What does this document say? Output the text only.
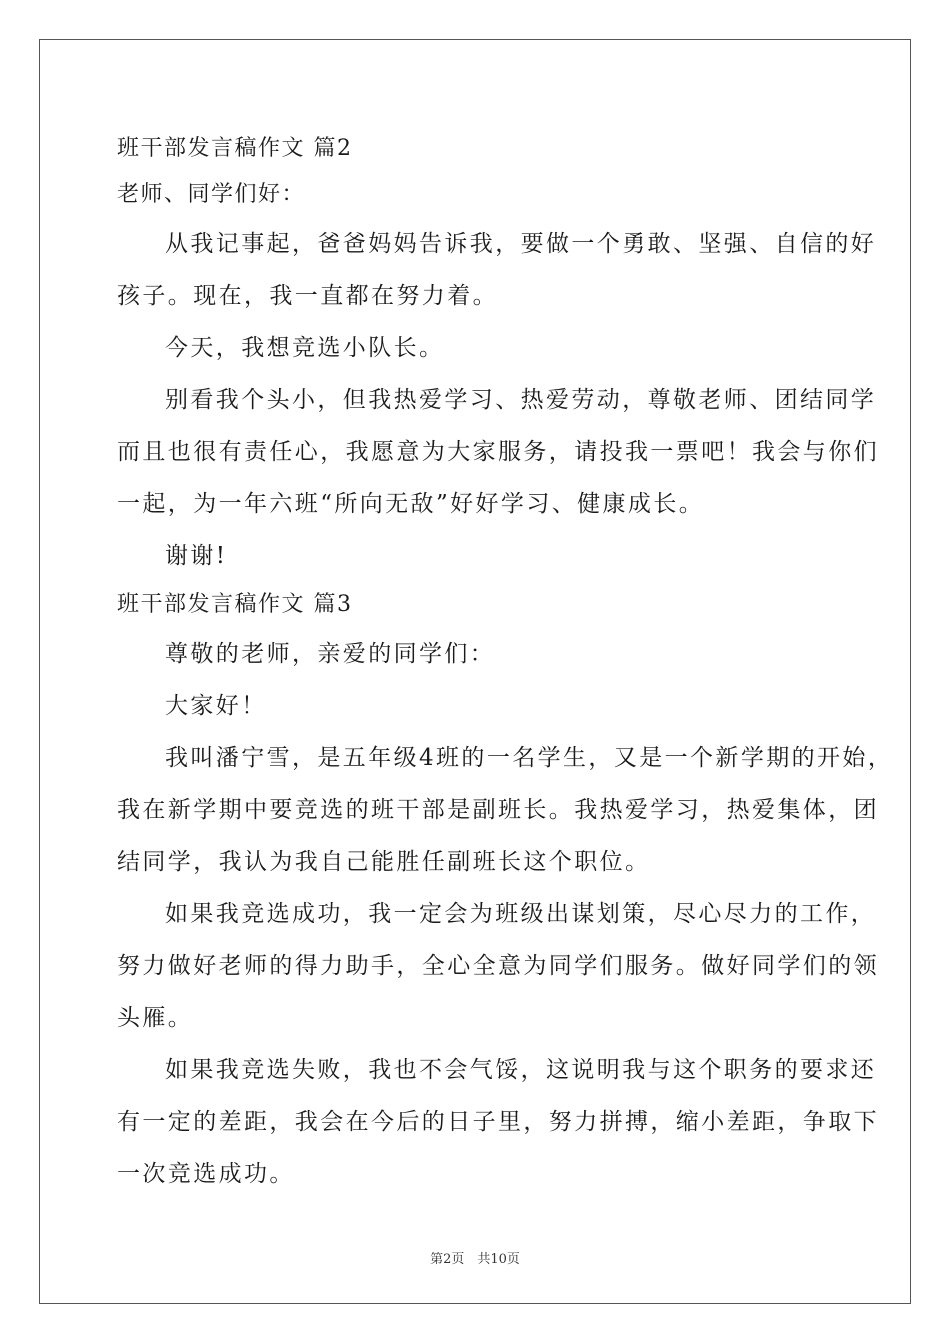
班干部发言稿作文 篇2

老师、同学们好：

从我记事起，爸爸妈妈告诉我，要做一个勇敢、坚强、自信的好

孩子。现在，我一直都在努力着。

今天，我想竞选小队长。

别看我个头小，但我热爱学习、热爱劳动，尊敬老师、团结同学

而且也很有责任心，我愿意为大家服务，请投我一票吧！我会与你们

一起，为一年六班“所向无敌”好好学习、健康成长。

谢谢!

班干部发言稿作文 篇3

尊敬的老师，亲爱的同学们：

大家好！

我叫潘宁雪，是五年级4班的一名学生，又是一个新学期的开始，

我在新学期中要竞选的班干部是副班长。我热爱学习，热爱集体，团

结同学，我认为我自己能胜任副班长这个职位。

如果我竞选成功，我一定会为班级出谋划策，尽心尽力的工作，

努力做好老师的得力助手，全心全意为同学们服务。做好同学们的领

头雁。

如果我竞选失败，我也不会气馁，这说明我与这个职务的要求还

有一定的差距，我会在今后的日子里，努力拼搏，缩小差距，争取下

一次竞选成功。

第2页　共10页
